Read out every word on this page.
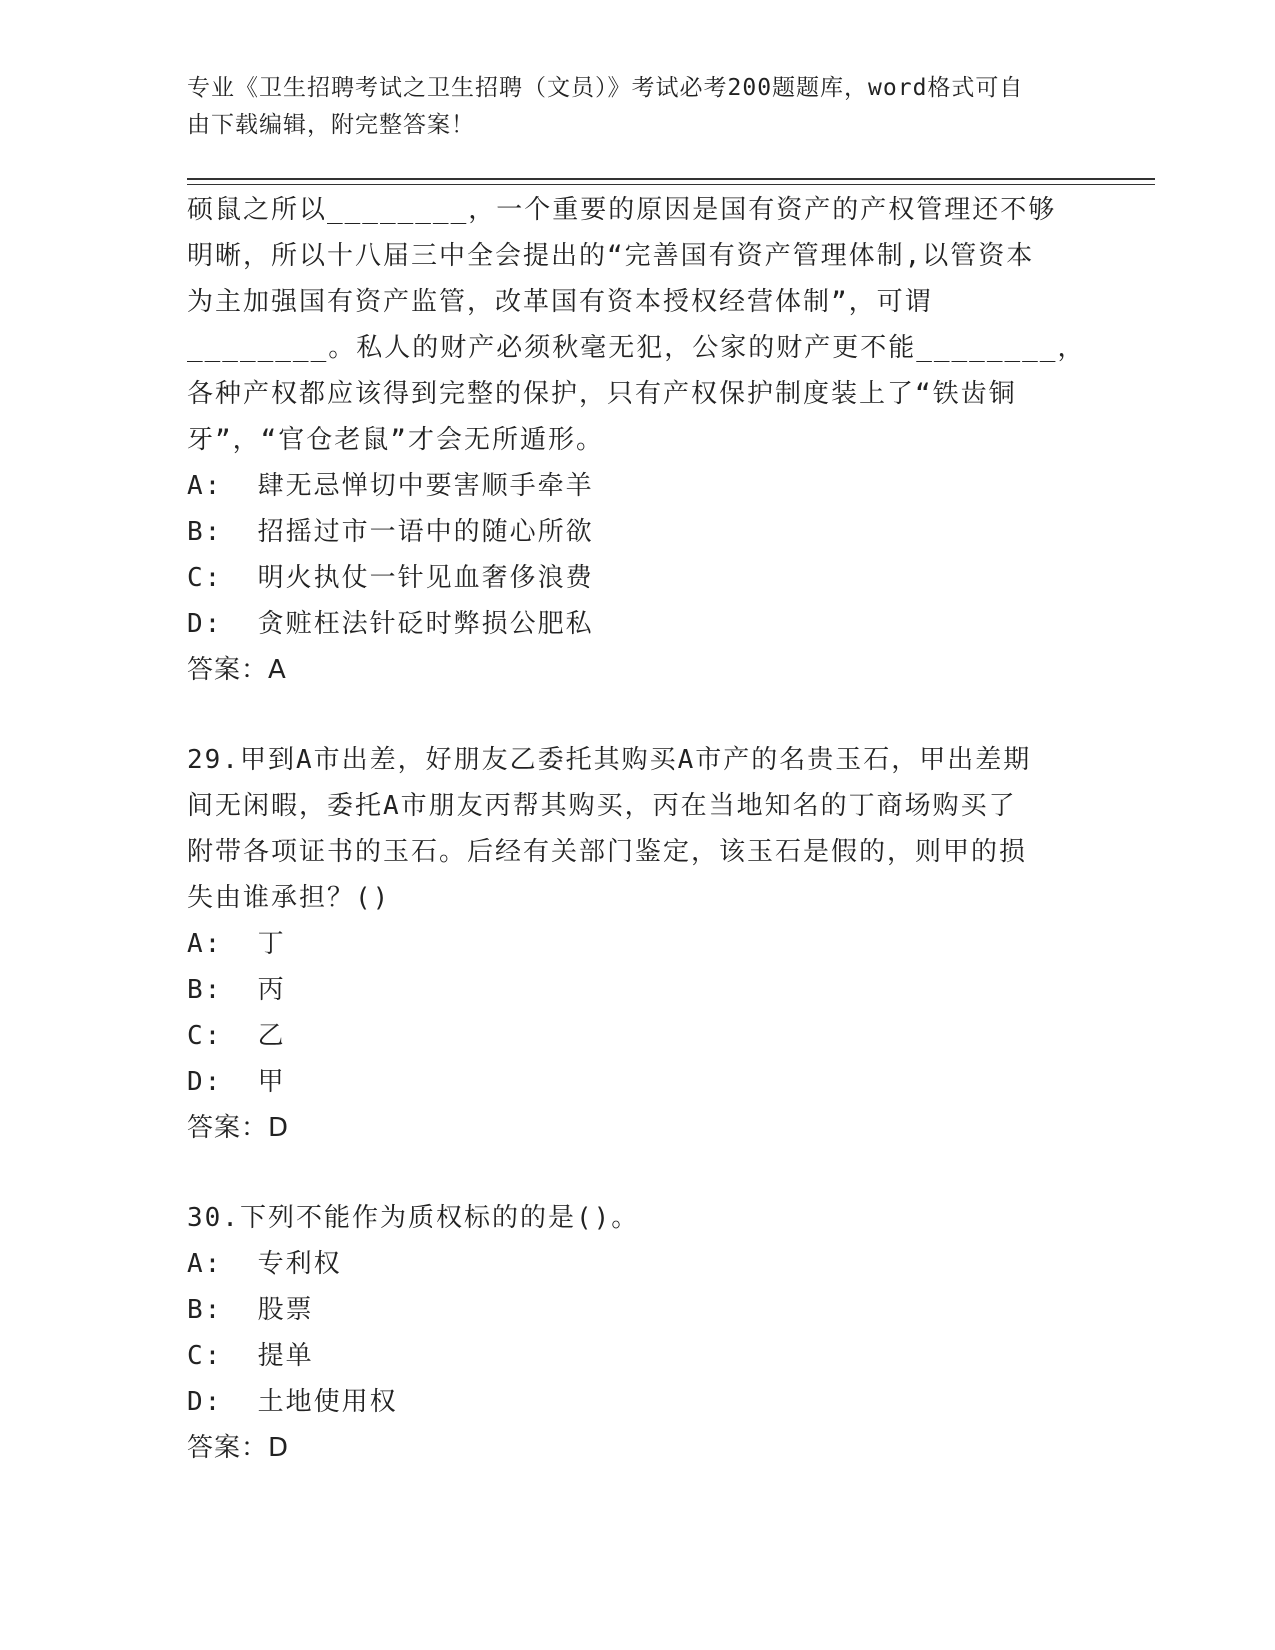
专业《卫生招聘考试之卫生招聘（文员）》考试必考200题题库，word格式可自
由下载编辑，附完整答案！
硕鼠之所以________，一个重要的原因是国有资产的产权管理还不够
明晰，所以十八届三中全会提出的“完善国有资产管理体制,以管资本
为主加强国有资产监管，改革国有资本授权经营体制”，可谓
________。私人的财产必须秋毫无犯，公家的财产更不能________，
各种产权都应该得到完整的保护，只有产权保护制度装上了“铁齿铜
牙”，“官仓老鼠”才会无所遁形。
A:  肆无忌惮切中要害顺手牵羊
B:  招摇过市一语中的随心所欲
C:  明火执仗一针见血奢侈浪费
D:  贪赃枉法针砭时弊损公肥私
答案：A
29.甲到A市出差，好朋友乙委托其购买A市产的名贵玉石，甲出差期
间无闲暇，委托A市朋友丙帮其购买，丙在当地知名的丁商场购买了
附带各项证书的玉石。后经有关部门鉴定，该玉石是假的，则甲的损
失由谁承担？()
A:  丁
B:  丙
C:  乙
D:  甲
答案：D
30.下列不能作为质权标的的是()。
A:  专利权
B:  股票
C:  提单
D:  土地使用权
答案：D
